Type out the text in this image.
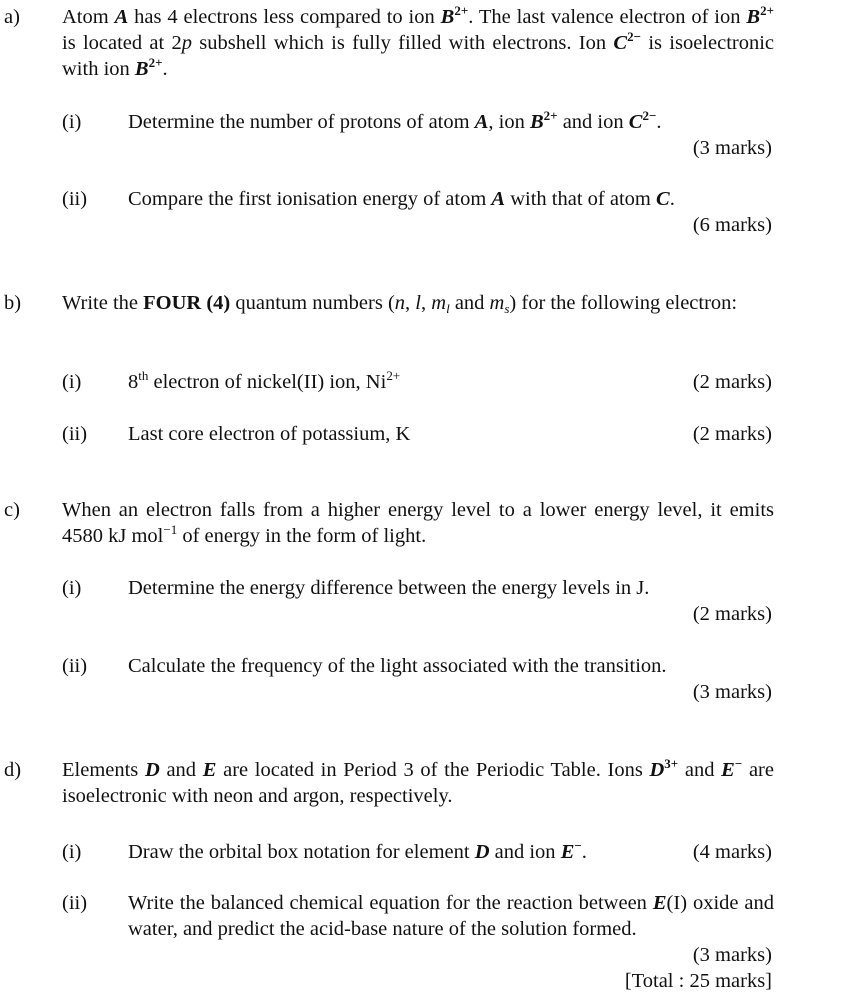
a) Atom A has 4 electrons less compared to ion $B^{2+}$. The last valence electron of ion $B^{2+}$ is located at 2p subshell which is fully filled with electrons. Ion $C^{2-}$ is isoelectronic with ion $B^{2+}$.
(i) Determine the number of protons of atom A, ion $B^{2+}$ and ion $C^{2-}$.
(3 marks)
(ii) Compare the first ionisation energy of atom A with that of atom C.
(6 marks)
b) Write the FOUR (4) quantum numbers (n, l, $m_l$ and $m_s$) for the following electron:
(i) 8th electron of nickel(II) ion, $Ni^{2+}$	(2 marks)
(ii) Last core electron of potassium, K	(2 marks)
c) When an electron falls from a higher energy level to a lower energy level, it emits 4580 kJ mol$^{-1}$ of energy in the form of light.
(i) Determine the energy difference between the energy levels in J.
(2 marks)
(ii) Calculate the frequency of the light associated with the transition.
(3 marks)
d) Elements D and E are located in Period 3 of the Periodic Table. Ions $D^{3+}$ and E− are isoelectronic with neon and argon, respectively.
(i) Draw the orbital box notation for element D and ion E−.	(4 marks)
(ii) Write the balanced chemical equation for the reaction between E(I) oxide and water, and predict the acid-base nature of the solution formed.
(3 marks)
[Total : 25 marks]
